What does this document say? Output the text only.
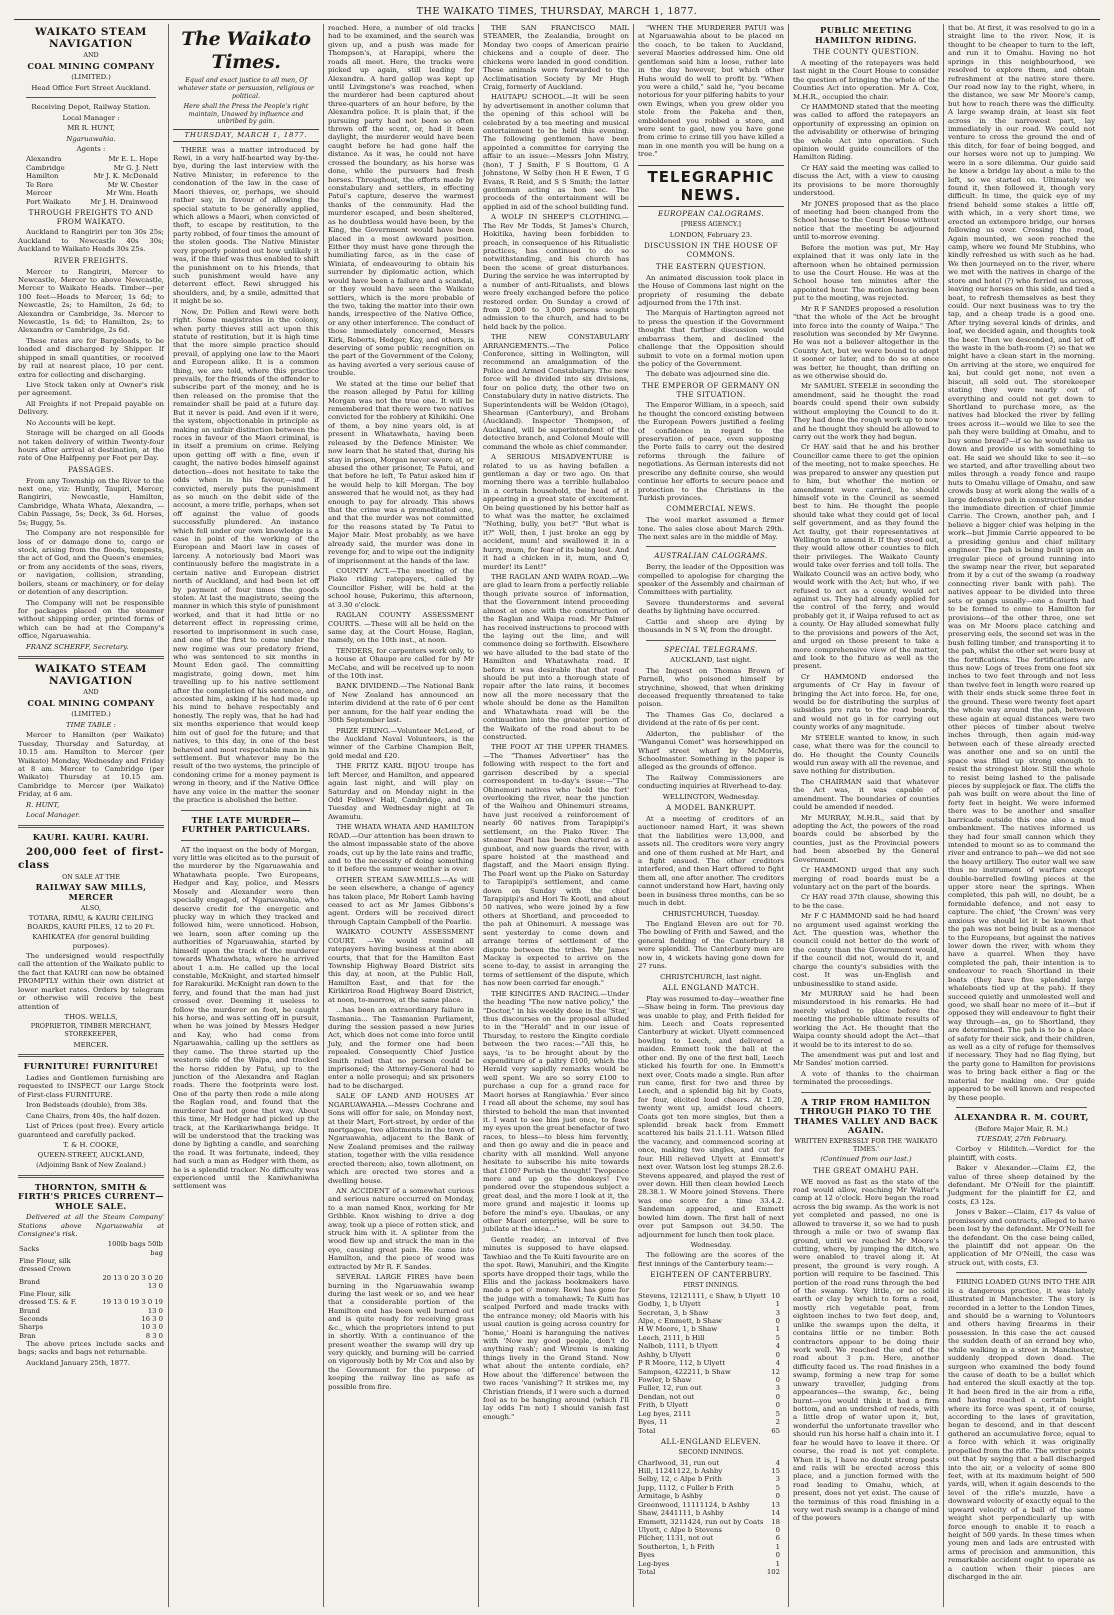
THE WAIKATO TIMES, THURSDAY, MARCH 1, 1877.
WAIKATO STEAM NAVIGATION

AND

COAL MINING COMPANY

(LIMITED.)

Head Office Fort Street Auckland.

Receiving Depot, Railway Station.

Local Manager :

MR R. HUNT,

Ngaruawahia.

Agents :

Alexandra	Mr E. L. Hope
Cambridge	Mr G. J. Nett
Hamilton	Mr J. K. McDonald
Te Rore	Mr W. Chester
Mercer	Mr Wm. Heath
Port Waikato	Mr J. H. Drainwood
THROUGH FREIGHTS TO AND FROM WAIKATO.

Auckland to Rangiriri per ton 30s 25s; Auckland to Newcastle 40s 30s; Auckland to Waikato Heads 30s 25s.

RIVER FREIGHTS.

Mercer to Rangiriri, Mercer to Newcastle, Mercer to above Newcastle, Mercer to Waikato Heads. Timber—per 100 feet—Heads to Mercer, 1s 6d; to Newcastle, 2s; to Hamilton, 2s 6d; to Alexandra or Cambridge, 3s. Mercer to Newcastle, 1s 6d; to Hamilton, 2s; to Alexandra or Cambridge, 2s 6d.

These rates are for Bargeloads, to be loaded and discharged by Shipper. If shipped in small quantities, or received by rail at nearest place, 10 per cent. extra for collecting and discharging.

Live Stock taken only at Owner's risk per agreement.

All Freights if not Prepaid payable on Delivery.

No Accounts will be kept.

Storage will be charged on all Goods not taken delivery of within Twenty-four hours after arrival at destination, at the rate of One Halfpenny per Foot per Day.

PASSAGES.

From any Township on the River to the next one, viz: Huntly, Taupiri, Mercer, Rangiriri, Newcastle, Hamilton, Cambridge, Whata Whata, Alexandra, — Cabin Passage, 5s; Deck, 3s 6d. Horses, 5s; Buggy, 5s.

The Company are not responsible for loss of or damage done to, cargo or stock, arising from the floods, tempests, the act of God, and the Queen's enemies; or from any accidents of the seas, rivers, or navigation, collision, stranding, boilers, steam or machinery, or for delay or detention of any description.

The Company will not be responsible for packages placed on the steamer without shipping order, printed forms of which can be had at the Company's office, Ngaruawahia.

FRANZ SCHERFF, Secretary.

WAIKATO STEAM NAVIGATION

AND

COAL MINING COMPANY

(LIMITED.)

TIME TABLE :

Mercer to Hamilton (per Waikato) Tuesday, Thursday and Saturday, at 10.15 am. Hamilton to Mercer (per Waikato) Monday, Wednesday and Friday at 8 am. Mercer to Cambridge (per Waikato) Thursday at 10.15 am. Cambridge to Mercer (per Waikato) Friday, at 6 am.

R. HUNT,

Local Manager.

KAURI. KAURI. KAURI.

200,000 feet of first-class

ON SALE AT THE

RAILWAY SAW MILLS, MERCER

ALSO,

TOTARA, RIMU, & KAURI CEILING BOARDS, KAURI PILES, 12 to 20 Ft.

KAHIKATEA (for general building purposes).

The undersigned would respectfully call the attention of the Waikato public to the fact that KAURI can now be obtained PROMPTLY within their own district at lower market rates. Orders by telegram or otherwise will receive the best attention of

THOS. WELLS,

PROPRIETOR, TIMBER MERCHANT, STOREKEEPER,

MERCER.

FURNITURE! FURNITURE!

Ladies and Gentlemen furnishing are requested to INSPECT our Large Stock of First-class FURNITURE.

Iron Bedsteads (double), from 38s.

Cane Chairs, from 40s, the half dozen.

List of Prices (post free). Every article guaranteed and carefully packed.

T. & H. COOKE,

QUEEN-STREET, AUCKLAND,

(Adjoining Bank of New Zealand.)

THORNTON, SMITH & FIRTH'S PRICES CURRENT—WHOLE SALE.

Delivered at all the Steam Company' Stations above Ngaruawahia at Consignee's risk.

Sacks	100lb bags 50lb bag
Fine Flour, silk	
dressed Crown	
Brand	20 13 0 20 3 0 20 13 0
Fine Flour, silk	
dressed T.S. & F. Brand	19 13 0 19 3 0 19 13 0
Seconds	16 3 0
Sharps	10 3 0
Bran	8 3 0

The above prices include sacks and bags; sacks and bags not returnable.

Auckland January 25th, 1877.

The Waikato Times.

Equal and exact justice to all men, Of whatever state or persuasion, religious or political.

Here shall the Press the People's right maintain, Unawed by influence and unbribed by gain.

THURSDAY, MARCH 1, 1877.

THERE was a matter introduced by Rewi, in a very half-hearted way by-the-bye, during the last interview with the Native Minister, in reference to the condonation of the law in the case of Maori thieves, or, perhaps, we should rather say, in favour of allowing the special statute to be generally applied, which allows a Maori, when convicted of theft, to escape by restitution, to the party robbed, of four times the amount of the stolen goods. The Native Minister very properly pointed out how unlikely it was, if the thief was thus enabled to shift the punishment on to his friends, that such punishment would have any deterrent effect. Rewi shrugged his shoulders, and, by a smile, admitted that it might be so.

Now, Dr. Pollen and Rewi were both right. Some magistrates in the colony, when party thieves still act upon this statute of restitution, but it is high time that the more simple practice should prevail, of applying one law to the Maori and European alike. It is a common thing, we are told, where this practice prevails, for the friends of the offender to subscribe part of the money, and he is then released on the promise that the remainder shall be paid at a future day. But it never is paid. And even if it were, the system, objectionable in principle as making an unfair distinction between the races in favour of the Maori criminal, is in itself a premium on crime. Relying upon getting off with a fine, even if caught, the native bodes himself against detection—does not hesitate to take the odds when in his favour,—and if convicted, merely puts the punishment as so much on the debit side of the account, a mere trifle, perhaps, when set off against the value of goods successfully plundered. An instance which fell under our own knowledge is a case in point of the working of the European and Maori law in cases of larceny. A notoriously bad Maori was continuously before the magistrate in a certain native and European district north of Auckland, and had been let off by payment of four times the goods stolen. At last the magistrate, seeing the manner in which this style of punishment worked, and that it had little or no deterrent effect in repressing crime, resorted to imprisonment in such case, and one of the first to come under the new regime was our predatory friend, who was sentenced to six months in Mount Eden gaol. The committing magistrate, going down, met him travelling up to his native settlement after the completion of his sentence, and accosted him, asking if he had made up his mind to behave respectably and honestly. The reply was, that he had had six months experience that would keep him out of gaol for the future; and that natives, to this day, in one of the best behaved and most respectable man in his settlement. But whatever may be the result of the two systems, the principle of condoning crime for a money payment is wrong in theory, and if the Native Office have any voice in the matter the sooner the practice is abolished the better.

THE LATE MURDER—FURTHER PARTICULARS.

AT the inquest on the body of Morgan, very little was elicited as to the pursuit of the murderer by the Ngaruawahia and Whatawhata people. Two Europeans, Hedger and Kay, police, and Messrs Mosely and Alexander were then specially engaged, of Ngaruawahia, who deserve credit for the energetic and plucky way in which they tracked and followed him, were unnoticed. Hobson, we learn, soon after coming up the authorities of Ngaruawahia, started by himself upon the track of the murderer towards Whatawhata, where he arrived about 1 a.m. He called up the local constable, McKnight, and started himself for Rarakuriki. McKnight ran down to the ferry, and found that the man had just crossed over. Deeming it useless to follow the murderer on foot, he caught his horse, and was setting off in pursuit, when he was joined by Messrs Hedger and Kay, who had come from Ngaruawahia, calling up the settlers as they came. The three started up the western side of the Waipa, and tracked the horse ridden by Patui, up to the junction of the Alexandra and Raglan roads. There the footprints were lost. One of the party then rode a mile along the Raglan road, and found that the murderer had not gone that way. About this time, Mr Hedger had picked up the track, at the Karikariwhanga bridge. It will be understood that the tracking was done by lighting a candle, and searching the road. It was fortunate, indeed, they had such a man as Hedger with them, as he is a splendid tracker. No difficulty was experienced until the Kaniwhaniwha settlement was

reached. Here, a number of old tracks had to be examined, and the search was given up, and a push was made for Thompson's, at Harapipi, where the roads all meet. Here, the tracks were picked up again, still leading for Alexandra. A hard gallop was kept up until Livingstone's was reached, when the murderer had been captured about three-quarters of an hour before, by the Alexandra police. It is plain that, if the pursuing party had not been so often thrown off the scent, or, had it been daylight, the murderer would have been caught before he had gone half the distance. As it was, he could not have crossed the boundary, as his horse was done, while the pursuers had fresh horses. Throughout, the efforts made by constabulary and settlers, in effecting Patui's capture, deserve the warmest thanks of the community. Had the murderer escaped, and been sheltered, as he doubtless would have been, by the King, the Government would have been placed in a most awkward position. Either they must have gone through the humiliating farce, as in the case of Winiata, of endeavouring to obtain his surrender by diplomatic action, which would have been a failure and a scandal, or they would have seen the Waikato settlers, which is the more probable of the two, taking the matter into their own hands, irrespective of the Native Office, or any other interference. The conduct of those immediately concerned, Messrs Kirk, Roberts, Hedger, Kay, and others, is deserving of some public recognition on the part of the Government of the Colony, as having averted a very serious cause of trouble.

We stated at the time our belief that the reason alleged by Patui for killing Morgan was not the true one. It will be remembered that there were two natives convicted for the robbery at Kihikihi. One of them, a boy nine years old, is at present in Whatawhata, having been released by the Defence Minister. We now learn that he stated that, during his stay in prison, Morgan never swore at, or abused the other prisoner, Te Patui, and that before he left, Te Patui asked him if he would help to kill Morgan. The boy answered that he would not, as they had enough to pay for already. This shows that the crime was a premeditated one, and that the murder was not committed for the reasons stated by Te Patui to Major Mair. Most probably, as we have already said, the murder was done in revenge for, and to wipe out the indignity of imprisonment at the hands of the law.

COUNTY ACT.—The meeting of the Piako riding ratepayers, called by Councillor Fisher, will be held at the school house, Pukerimu, this afternoon, at 3.30 o'clock.

RAGLAN COUNTY ASSESSMENT COURTS. —These will all be held on the same day, at the Court House, Raglan, namely, on the 10th inst., at noon.

TENDERS, for carpenters work only, to a house at Ohaupo are called for by Mr McCabe, and will be received up to noon of the 10th inst.

BANK DIVIDEND.—The National Bank of New Zealand has announced an interim dividend at the rate of 6 per cent per annum, for the half year ending the 30th September last.

PRIZE FIRING.—Volunteer McLeod, of the Auckland Naval Volunteers, is the winner of the Carbine Champion Belt, gold medal and £20.

THE FRITZ KARL BIJOU troupe has left Mercer, and Hamilton, and appeared again last night, and will play on Saturday and on Monday night in the Odd Fellows' Hall, Cambridge, and on Tuesday and Wednesday night at Te Awamutu.

THE WHATA WHATA AND HAMILTON ROAD.—Our attention has been drawn to the almost impassable state of the above roads, cut up by the late rains and traffic, and to the necessity of doing something to it before the summer weather is over.

OTHER STEAM SAW-MILLS.—As will be seen elsewhere, a change of agency has taken place, Mr Robert Lamb having ceased to act as Mr James Gibbons's agent. Orders will be received direct through Captain Campbell of the Pearlie.

WAIKATO COUNTY ASSESSMENT COURT. —We would remind all ratepayers having business at the above courts, that that for the Hamilton East Township Highway Board District sits this day, at noon, at the Public Hall, Hamilton East, and that for the Kirikiriroa Road Highway Board District, at noon, to-morrow, at the same place.

...has been an extraordinary failure in Tasmania... The Tasmanian Parliament, during the session passed a new Juries Act, which does not come into force until July, and the former one had been repealed. Consequently Chief Justice Smith ruled that no person could be imprisoned; the Attorney-General had to enter a nolle prosequi; and six prisoners had to be discharged.

SALE OF LAND AND HOUSES AT NGARUAWAHIA.—Messrs Cochrane and Sons will offer for sale, on Monday next, at their Mart, Fort-street, by order of the mortgagee, two allotments in the town of Ngaruawahia, adjacent to the Bank of New Zealand premises and the railway station, together with the villa residence erected thereon; also, town allotment, on which are erected two stores and a dwelling house.

AN ACCIDENT of a somewhat curious and serious nature occurred on Monday, to a man named Knox, working for Mr Gribble. Knox wishing to drive a dog away, took up a piece of rotten stick, and struck him with it. A splinter from the wood flew up and struck the man in the eye, causing great pain. He came into Hamilton, and the piece of wood was extracted by Mr R. F. Sandes.

SEVERAL LARGE FIRES have been burning in the Ngaruawahia swamp during the last week or so, and we hear that a considerable portion of the Hamilton end has been well burned out and is quite ready for receiving grass &c., which the proprietors intend to put in shortly. With a continuance of the present weather the swamp will dry up very quickly, and burning will be carried on vigorously both by Mr Cox and also by the Government for the purpose of keeping the railway line as safe as possible from fire.

THE SAN FRANCISCO MAIL STEAMER, the Zealandia, brought on Monday two coops of American prairie chickens and a couple of deer. The chickens were landed in good condition. These animals were forwarded to the Acclimatisation Society by Mr Hugh Craig, formerly of Auckland.

HAUTAPU SCHOOL.—It will be seen by advertisement in another column that the opening of this school will be celebrated by a tea meeting and musical entertainment to be held this evening. The following gentlemen have been appointed a committee for carrying the affair to an issue:—Messrs John Mistry, (hon), T J Smith, F S Bouttom, G A Johnstone, W Selby (hon H E Ewen, T G Evans, R Reid, and S S Smith; the latter gentleman acting as hon sec. The proceeds of the entertainment will be applied in aid of the school building fund.

A WOLF IN SHEEP'S CLOTHING.—The Rev Mr Todds, St James's Church, Hokitika, having been forbidden to preach, in consequence of his Ritualistic practices, has continued to do so notwithstanding, and his church has been the scene of great disturbances. During the service he was interrupted by a number of anti-Ritualists, and blows were freely exchanged before the police restored order. On Sunday a crowd of from 2,000 to 3,000 persons sought admission to the church, and had to be held back by the police.

THE NEW CONSTABULARY ARRANGEMENTS.—The Police Conference, sitting in Wellington, will recommend an amalgamation of the Police and Armed Constabulary. The new force will be divided into six divisions, four on police duty, the other two on Constabulary duty in native districts. The Superintendents will be Weldon (Otago), Shearman (Canterbury), and Broham (Auckland). Inspector Thompson, of Auckland, will be superintendent of the detective branch, and Colonel Moule will command the whole as chief commander.

A SERIOUS MISADVENTURE is related to us as having befallen a gentleman a day or two ago. On that morning there was a terrible hullabaloo in a certain household, the head of it appearing in a great state of excitement. On being questioned by his better half as to what was the matter, he exclaimed "Nothing, bully, you bet?" "But what is it?" Well, then, I just broke an egg by accident, mum! and swallowed it in a hurry, mum, for fear of its being lost. And it had a chicken in it, mum, and O, murder! its Lent!"

THE RAGLAN AND WAIPA ROAD.—We are glad to learn from a perfectly reliable though private source of information, that the Government intend proceeding almost at once with the construction of the Raglan and Waipa road. Mr Palmer has received instructions to proceed with the laying out the line, and will commence doing so forthwith. Elsewhere we have alluded to the bad state of the Hamilton and Whatawhata road. If before it was desirable that that road should be put into a thorough state of repair after the late rains, it becomes now all the more necessary that the whole should be done as the Hamilton and Whatawhata road will be the continuation into the greater portion of the Waikato of the road about to be constructed.

THE FOOT AT THE UPPER THAMES.—The "Thames Advertiser" has the following with respect to the fort and garrison described by a special correspondent in to-day's issue:—"The Ohinemuri natives who 'hold the fort' overlooking the river, near the junction of the Waihou and Ohinemuri streams, have just received a reinforcement of nearly 60 natives from Tarapipipi's settlement, on the Piako River. The steamer Pearl has been chartered as a gunboat, and now guards the river, with spare hoisted at the masthead and flagstaff, and the Maori ensign flying. The Pearl went up the Piako on Saturday to Tarapipipi's settlement, and came down on Sunday with the chief Tarapipipi's and Hori Te Kooti, and about 50 natives, who were joined by a few others at Shortland, and proceeded to the pah at Ohinemuri. A message was sent yesterday to come down and arrange terms of settlement of the dispute between the tribes. Mr James Mackay is expected to arrive on the scene to-day, to assist in arranging the terms of settlement of the dispute, which has now been carried far enough."

THE KINGITES AND RACING.—Under the heading "The new native policy," the "Doctor," in his weekly dose in the 'Star,' thus discourses on the proposal alluded to in the "Herald" and in our issue of Thursday, to restore the Kingite cordiale between the two races:—"All this, he says, 'is to be brought about by the expenditure of a paltry £100, which the Herald very sapidly remarks would be well spent. We are so sorry £100 to purchase a cup for a grand race for Maori horses at Rangiawhia.' Ever since I read all about the scheme, my soul has thirsted to behold the man that invented it. I want to see him just once, to feast my eyes upon the great benefactor of two races, to bless—to bless him fervently, and then go away and die in peace and charity with all mankind. Well anyone hesitate to subscribe his mite towards that £100? Perish the thought! Twopence more and up go the donkeys! I've pondered over the stupendous subject a great deal, and the more I look at it, the more grand and majestic it looms up before the mind's eye. Ubaukas, or any other Maori enterprise, will be sure to jubilate at the idea..."

Gentle reader, an interval of five minutes is supposed to have elapsed. Tawhiao and the Te Kuiti favourite are on the spot. Rewi, Manuhiri, and the Kingite sports have dropped their tags, while the Ellis and the jackass bookmakers have made a pot o' money. Rewi has gone for the judge with a tomahawk; Te Kuiti has scalped Perford and made tracks with the entrance money; old Maoris with his usual caution is going across country for 'home,' Hoani is haranguing the natives with 'Now my good people, don't do anything rash'; and Wiremu is making things lively in the Grand Stand. Now what about the entente cordiale, eh? How about the 'difference' between the two races 'vanishing'? It strikes me, my Christian friends, if I were such a durned fool as to be hanging around (which I'll lay odds I'm not) I should vanish fast enough."

"WHEN THE MURDERER PATUI was at Ngaruawahia about to be placed on the coach, to be taken to Auckland, several Maories addressed him. One old gentleman said him a loose, rather late in the day however, but which other Huhs would do well to profit by. "When you were a child," said he, "you became notorious for your pilfering habits to your own Ewings, when you grew older you stole from the Pakeha and then, emboldened you robbed a store, and were sent to gaol, now you have gone from crime to crime till you have killed a man in one month you will be hung on a tree."

TELEGRAPHIC NEWS.
EUROPEAN CALOGRAMS.

[PRESS AGENCY.]

LONDON, February 23.

DISCUSSION IN THE HOUSE OF COMMONS.
THE EASTERN QUESTION.

An animated discussion took place in the House of Commons last night on the propriety of resuming the debate adjourned from the 17th inst.

The Marquis of Hartington agreed not to press the question if the Government thought that further discussion would embarrass them, and declined the challenge that the Opposition should submit to vote on a formal motion upon the policy of the Government.

The debate was adjourned sine die.

THE EMPEROR OF GERMANY ON THE SITUATION.

The Emperor William, in a speech, said he thought the concord existing between the European Powers justified a feeling of confidence in regard to the preservation of peace, even supposing the Porte fails to carry out the desired reforms through the failure of negotiations. As German interests did not prescribe any definite course, she would continue her efforts to secure peace and protection to the Christians in the Turkish provinces.

COMMERCIAL NEWS.

The wool market assumed a firmer tone. The sales close about March 29th. The next sales are in the middle of May.

AUSTRALIAN CALOGRAMS.

Berry, the leader of the Opposition was compelled to apologise for charging the speaker of the Assembly and chairman of Committees with partiality.

Severe thunderstorms and several deaths by lightning have occurred.

Cattle and sheep are dying by thousands in N S W, from the drought.

SPECIAL TELEGRAMS.

AUCKLAND, last night.

The Inquest on Thomas Brown of Parnell, who poisoned himself by strychnine, showed, that when drinking deceased frequently threatened to take poison.

The Thames Gas Co, declared a dividend at the rate of 6s per cent.

Alderton, the publisher of the "Wanganui Comet" was horsewhipped on Wharf street wharf by McMorris, Schoolmaster. Something in the paper is alleged as the grounds of offence.

The Railway Commissioners are conducting inquiries at Riverhead to-day.

WELLINGTON, Wednesday.

A MODEL BANKRUPT.

At a meeting of creditors of an auctioneer named Hart, it was shewn that the liabilities were 13,000, and assets nil. The creditors were very angry and one of them rushed at Mr Hart, and a fight ensued. The other creditors interfered, and then Hart offered to fight them all, one after another. The creditors cannot understand how Hart, having only been in business three months, can be so much in debt.

CHRISTCHURCH, Tuesday.

The England Eleven are out for 70. The bowling of Frith and Sawed, and the general fielding of the Canterbury 18 were splendid. The Canterbury men are now in, 4 wickets having gone down for 27 runs.

CHRISTCHURCH, last night.

ALL ENGLAND MATCH.

Play was resumed to-day—weather fine—Shaw being in form. The previous day was unable to play, and Frith fielded for him. Leech and Coats represented Canterbury at wicket. Ulyett commenced bowling to Leech, and delivered a maiden. Emmett took the ball at the other end. By one of the first ball, Leech sticked his fourth for one. In Emmett's next over, Coats made a single. Run after run came, first for two and three by Leech, and a splendid big hit by Coats, for four, elicited loud cheers. At 1.20, twenty went up, amidst loud cheers. Coats got ten more singles, but then a splendid break back from Emmett scattered his bails 21.1.11. Watson filled the vacancy, and commenced scoring at once, making two singles, and cut for four. Hill relieved Ulyett at Emmett's next over. Watson lost leg stumps 28.2.6. Stevens appeared, and played the rest of over down. Hill then clean bowled Leech 28.38.1. W Moore joined Stevens. There was one score for a time 33.4.2. Sandeman appeared, and Emmett bowled him down. The first ball of next over put Sampson out 34.50. The adjournment for lunch then took place.

Wednesday.

The following are the scores of the first innings of the Canterbury team:—

EIGHTEEN OF CANTERBURY.

FIRST INNINGS.

Stevens, 12121111, c Shaw, b Ulyett 10
Godby, 1, b Ulyett	1
Secretan, 3, b Shaw	3
Alpe, c Emmett, b Shaw	0
H W Moore, 1, b Shaw	1
Leech, 2111, b Hill	5
Nalbob, 1111, b Ulyett	4
Ashby, b Ulyett	0
P R Moore, 112, b Ulyett	4
Sampson, 422211, b Shaw	12
Fowler, b Shaw	0
Fuller, 12, run out	3
Dendan, not out	0
Frith, b Ulyett	0
Leg byes, 2111	5
Byes, 11	2
Total	65
ALL-ENGLAND ELEVEN.

SECOND INNINGS.

Charlwood, 31, run out	4
Hill, 11241122, b Ashby	15
Selby, 12, c Alpe b Frith	3
Jupp, 1112, c Fuller b Frith	5
Armitage, b Ashby	0
Greenwood, 11111124, b Ashby	13
Shaw, 2441111, b Ashby	14
Emmett, 3211424, run out by Coats 18
Ulyett, c Alpe b Stevens	0
Pilcher, 1131, not out	6
Southerton, 1, b Frith	1
Byes	0
Leg-byes	1
Total	102
PUBLIC MEETING HAMILTON RIDING.
THE COUNTY QUESTION.

A meeting of the ratepayers was held last night in the Court House to consider the question of bringing the whole of the Counties Act into operation. Mr A. Cox, M.H.R., occupied the chair.

Cr HAMMOND stated that the meeting was called to afford the ratepayers an opportunity of expressing an opinion on the advisability or otherwise of bringing the whole Act into operation. Such opinion would guide councillors of the Hamilton Riding.

Cr HAY said the meeting was called to discuss the Act, with a view to causing its provisions to be more thoroughly understood.

Mr JONES proposed that as the place of meeting had been changed from the School house to the Court House without notice that the meeting be adjourned until to-morrow evening.

Before the motion was put, Mr Hay explained that it was only late in the afternoon when he obtained permission to use the Court House. He was at the School house ten minutes after the appointed hour. The motion having been put to the meeting, was rejected.

Mr R F SANDES proposed a resolution "that the whole of the Act be brought into force into the county of Waipa." The resolution was seconded by Mr Gwynne. He was not a believer altogether in the County Act, but we were bound to adopt it sooner or later, and to do so at once was better, he thought, than drifting on as we otherwise should do.

Mr SAMUEL STEELE in seconding the amendment, said he thought the road boards could spend their own subsidy without employing the Council to do it. They had done the rough work up to now and he thought they should be allowed to carry out the work they had begun.

Cr HAY said that he and his brother Councillor came there to get the opinion of the meeting, not to make speeches. He was prepared to answer any question put to him, but whether the motion or amendment were carried, he should himself vote in the Council as seemed best to him. He thought the people should take what they could get of local self government, and as they found the Act faulty, get their representatives at Wellington to amend it. If they stood out, they would allow other counties to filch their privileges. The Waikato County would take over ferries and toll tolls. The Waikato Council was an active body, who would work with the Act; but who, if we refused to act as a county, would act against us. They had already applied for the control of the ferry, and would probably get it, if Waipa refused to act as a county. Or Hay alluded somewhat fully to the provisions and powers of the Act, and urged on those present to take a more comprehensive view of the matter, and look to the future as well as the present.

Cr HAMMOND endorsed the arguments of Cr Hay in favour of bringing the Act into force. He, for one, would be for distributing the surplus of subsidies pro rata to the road boards, and would not go in for carrying out county works of any magnitude.

Mr STEELE wanted to know, in such case, what there was for the council to do. He thought the County Councils would run away with all the revenue, and save nothing for distribution.

The CHAIRMAN said that whatever the Act was, it was capable of amendment. The boundaries of counties could be amended if needed.

Mr MURRAY, M.H.R., said that by adopting the Act, the powers of the road boards could be absorbed by the counties, just as the Provincial powers had been absorbed by the General Government.

Cr HAMMOND urged that any such merging of road boards must be a voluntary act on the part of the boards.

Cr HAY read 37th clause, showing this to be the case.

Mr F C HAMMOND said he had heard no argument used against working the Act. The question was, whether the council could not better do the work of the county than the Government would, if the council did not, would do it, and charge the county's subsidies with the cost. It was un-English and unbusinesslike to stand aside.

Mr MURRAY said he had been misunderstood in his remarks. He had merely wished to place before the meeting the probable ultimate results of working the Act. He thought that the Waipa county should adopt the Act—that it would be to its interest to do so.

The amendment was put and lost and Mr Sandes' motion carried.

A vote of thanks to the chairman terminated the proceedings.

A TRIP FROM HAMILTON THROUGH PIAKO TO THE THAMES VALLEY AND BACK AGAIN.

WRITTEN EXPRESSLY FOR THE 'WAIKATO TIMES.'

(Continued from our last.)

THE GREAT OMAHU PAH.

WE moved as fast as the state of the road would allow, reaching Mr Walter's camp at 12 o'clock. Here began the road across the big swamp. As the work is not yet completed and passed, no one is allowed to traverse it, so we had to push through a mile or two of swamp flax ground, until we reached Mr Moore's cutting, where, by jumping the ditch, we were enabled to travel along it. At present, the ground is very rough. A portion will require to be fascined. This portion of the road runs through the bed of the swamp. Very little, or no solid earth or clay by which to form a road, mostly rich vegetable peat, from eighteen inches to two feet deep, and, unlike the swamps upon the delta, it contains little or no timber. Both contractors appear to be doing their work well. We reached the end of the road about 3 p.m. Here, another difficulty faced us. The road finishes in a swamp, forming a new trap for some unwary traveller, judging from appearances—the swamp, &c., being burnt—you would think it had a firm bottom, and an undershed of reeds, with a little drop of water upon it, but, wonderful the unfortunate traveller who should run his horse half a chain into it. I fear he would have to leave it there. Of course, the road is not yet complete. When it is, I have no doubt strong posts and rails will be erected across this place, and a junction formed with the road leading to Omahu, which, at present, does not yet exist. The cause of the terminus of this road finishing in a very wet rush swamp is a change of mind of the powers

that be. At first, it was resolved to go in a straight line to the river. Now, it is thought to be cheaper to turn to the left, and run it to Omahu. Having no hot springs in this neighbourhood, we resolved to explore them, and obtain refreshment at the native store there. Our road now lay to the right, where, in the distance, we saw Mr Moore's camp, but how to reach there was the difficulty. A large swamp drain, at least six feet across in the narrowest part, lay immediately in our road. We could not venture to cross the ground the end of this ditch, for fear of being bogged, and our horses were not up to jumping. We were in a sore dilemma. Our guide said he knew a bridge lay about a mile to the left, so we started on. Ultimately we found it, then followed it, though very difficult. In time, the quick eye of my friend beheld some stakes a little off, with which, in a very short time, we erected an extempore bridge, our horses following us over. Crossing the road, Again mounted, we soon reached the camp, where we found Mr Stubbins, who kindly refreshed us with such as he had. We then journeyed on to the river, where we met with the natives in charge of the store and hotel (?) who ferried us across, leaving our horses on this side, and tied a boat, to refresh themselves as best they could. Our next business was to try the tap, and a cheap trade is a good one. After trying several kinds of drinks, and loaf, we decided again, and thoughts took the beer. Then we descended, and let off the waste in the bath-room (?) so that we might have a clean start in the morning. On arriving at the store, we enquired for kai, but could get none, not even a biscuit, all sold out. The storekeeper stating they were nearly out of everything and could not get down to Shortland to purchase more, as the natives had blocked the river by felling trees across it—would we like to see the pah they were building at Omahu, and to buy some bread?—if so he would take us down and provide us with something to eat. He said we should like to see it—so we started, and after travelling about two miles through a ready fence and raupo huts to Omahu village of Omahu, and saw crowds busy at work along the walls of a large defensive pah in construction under the immediate direction of chief Jimmie Carrie. The Crown, another pah, and I believe a bigger chief was helping in the work—but Jimmie Carrie appeared to be a presiding genius and chief military engineer. The pah is being built upon an irregular piece of ground running into the swamp near the river, but separated from it by a cut of the swamp (a roadway connecting river bank with pah). The natives appear to be divided into three sets or gangs usually—one a fourth had to be formed to come to Hamilton for provisions—of the other three, one set was on Mr Moore place catching and preserving eels, the second set was in the bush felling timber, and transporting it to the pah, whilst the other set were busy at the fortifications. The fortifications are thus now: Logs of trees from one foot six inches to two feet through and not less than twelve feet in length were reared up with their ends stuck some three feet in the ground. These were twenty feet apart the whole way around the pah, between these again at equal distances were two other pieces of timber about twelve inches through, then again mid-way between each of these already erected was another one and so on until the space was filled up strong enough to resist the strongest blow. Still the whole to resist being lashed to the palisade pieces by supplejack or flax. The cliffs the pah was built on were about the line of forty feet in height. We were informed there was to be another and smaller barricade outside this one also a mud embankment. The natives informed us they had four small cannon which they intended to mount so as to command the river and entrance to pah—we did not see the heavy artillery. The outer wall we saw thus no instrument of warfare except double-barrelled fowling pieces at the upper store near the springs. When completed, this pah will, no doubt, be a formidable defence, and not easy to capture. The chief, 'the Crown' was very anxious we should let it be known that the pah was not being built as a menace to the Europeans, but against the natives lower down the river, with whom they have a quarrel. When they have completed the pah, their intention is to endeavour to reach Shortland in their boats (they have five splendid large whaleboats tied up at the pah). If they succeed quietly and unmolested well and good, we shall hear no more of it—but if opposed they will endeavour to fight their way through—as, go to Shortland, they are determined. The pah is to be a place of safety for their sick, and their children, as well as a city of refuge for themselves if necessary. They had no flag flying, but the party gone to Hamilton for provisions was to bring back either a flag or the material for making one. Our guide appeared to be well known and respected by these people.

ALEXANDRA R. M. COURT,

(Before Major Mair, R. M.)

TUESDAY, 27th February.

Corboy v Hilditch.—Verdict for the plaintiff, with costs.

Baker v Alexander.—Claim £2, the value of three sheep detained by the defendant. Mr O'Neill for the plaintiff. Judgment for the plaintiff for £2, and costs, £3 12s.

Jones v Baker.—Claim, £17 4s value of promissory and contracts, alleged to have been lost by the defendant. Mr O'Neill for the defendant. On the case being called, the plaintiff did not appear. On the application of Mr O'Neill, the case was struck out, with costs, £3.

FIRING LOADED GUNS INTO THE AIR is a dangerous practice, it was lately illustrated in Manchester. The story is recorded in a letter to the London Times, and should be a warning to Volunteers and others having firearms in their possession. In this case the act caused the sudden death of an errand boy who, while walking in a street in Manchester, suddenly dropped down dead. The surgeon who examined the body found the cause of death to be a bullet which had entered the skull exactly at the top. It had been fired in the air from a rifle, and having reached a certain height where its force was spent, it of course, according to the laws of gravitation, began to descend, and in that descent gathered an accumulative force, equal to a force with which it was originally propelled from the rifle. The writer points out that by saying that a ball discharged into the air, or a velocity of some 800 feet, with at its maximum height of 500 yards, will, when it again descends to the level of the rifle's muzzle, have a downward velocity of exactly equal to the upward velocity of a ball of the same weight shot perpendicularly up with force enough to enable it to reach a height of 500 yards. In these times when young men and lads are entrusted with arms of precision and ammunition, this remarkable accident ought to operate as a caution when their pieces are discharged in the air.
